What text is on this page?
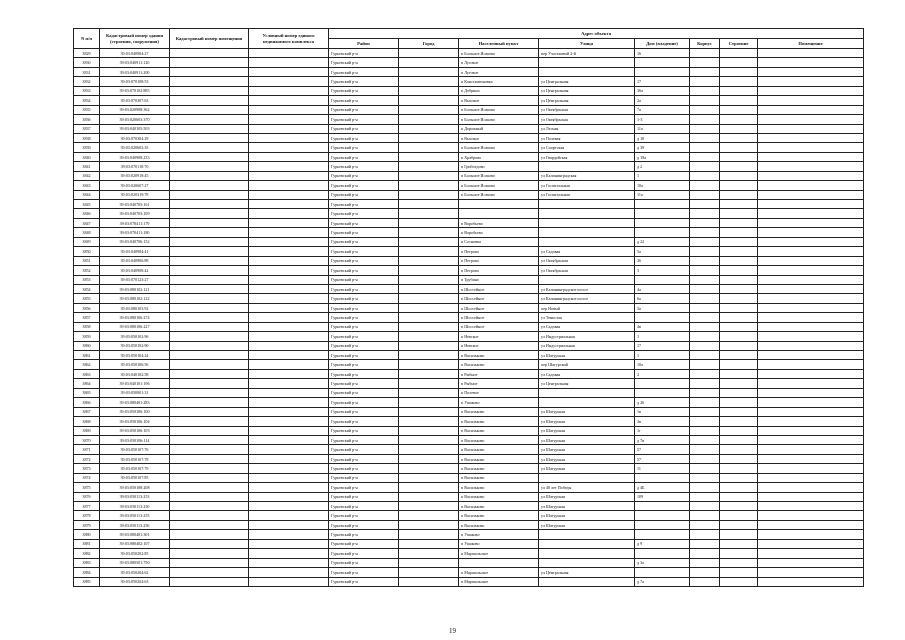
N п/п	Кадастровый номер здания (строения, сооружения)	Кадастровый номер помещения	Условный номер единого недвижимого комплекса	Адрес объекта							
				Район	Город	Населенный пункт	Улица	Дом (владение)	Корпус	Строение	Помещение
3829	39:03:040904:27			Гурьевский р-н		п Большое Исаково	пер Участковый 2-й	16			
3830	39:03:040911:120			Гурьевский р-н		п Луговое					
3831	39:03:040911:200			Гурьевский р-н		п Луговое					
3832	39:03:070108:53			Гурьевский р-н		п Константиновка	ул Центральная	17			
3833	39:03:070102:885			Гурьевский р-н		п Добрино	ул Центральная	36а			
3834	39:03:070307:63			Гурьевский р-н		п Высокое	ул Центральная	2а			
3835	39:03:020908:362			Гурьевский р-н		п Большое Исаково	ул Октябрьская	7а			
3836	39:03:020603:370			Гурьевский р-н		п Большое Исаково	ул Октябрьская	1-3			
3837	39:03:040105:503			Гурьевский р-н		п Дорожный	ул Лесная	11а			
3838	39:03:070304:29			Гурьевский р-н		п Высокое	ул Полевая	д 18			
3839	39:03:020602:35			Гурьевский р-н		п Большое Исаково	ул Спортская	д 39			
3840	39:03:040908:233			Гурьевский р-н		п Храброво	ул Гвардейская	д 19а			
3841	39:03:070110:70			Гурьевский р-н		п Грибоедово		д 2			
3842	39:03:020918:45			Гурьевский р-н		п Большое Исаково	ул Калининградская	1			
3843	39:03:020607:27			Гурьевский р-н		п Большое Исаково	ул Госпитальная	10а			
3844	39:03:020319:78			Гурьевский р-н		п Большое Исаково	ул Госпитальная	11а			
3845	39:03:040705:161			Гурьевский р-н							
3846	39:03:040703:169			Гурьевский р-н							
3847	39:03:070411:179			Гурьевский р-н		п Воробьево					
3848	39:03:070411:180			Гурьевский р-н		п Воробьево					
3849	39:03:040706:152			Гурьевский р-н		п Сосновка		д 22			
3850	39:03:040904:41			Гурьевский р-н		п Петрово	ул Садовая	5а			
3851	39:03:040906:88			Гурьевский р-н		п Петрово	ул Октябрьская	36			
3852	39:03:040908:42			Гурьевский р-н		п Петрово	ул Октябрьская	3			
3853	39:03:070123:27			Гурьевский р-н		п Трубино					
3854	39:03:080102:121			Гурьевский р-н		п Шоссейное	ул Калининградское шоссе	4а			
3855	39:03:080102:122			Гурьевский р-н		п Шоссейное	ул Калининградское шоссе	6а			
3856	39:03:080103:92			Гурьевский р-н		п Шоссейное	пер Новый	3а			
3857	39:03:080106:274			Гурьевский р-н		п Шоссейное	ул Тенистая				
3858	39:03:080106:227			Гурьевский р-н		п Шоссейное	ул Садовая	4в			
3859	39:03:050102:96			Гурьевский р-н		п Невское	ул Индустриальная	1			
3860	39:03:050102:90			Гурьевский р-н		п Невское	ул Индустриальная	17			
3861	39:03:050104:24			Гурьевский р-н		п Васильково	ул Шатурская	1			
3862	39:03:050106:56			Гурьевский р-н		п Васильково	пер Шатурский	10а			
3863	39:03:040102:58			Гурьевский р-н		п Рыбное	ул Садовая	2			
3864	39:03:040101:196			Гурьевский р-н		п Рыбное	ул Центральная				
3865	39:03:050001:31			Гурьевский р-н		п Полевое					
3866	39:03:080401:283			Гурьевский р-н		п Ушаково		д 26			
3867	39:03:050106:100			Гурьевский р-н		п Васильково	ул Шатурская	1в			
3868	39:03:050106:104			Гурьевский р-н		п Васильково	ул Шатурская	3в			
3869	39:03:050106:103			Гурьевский р-н		п Васильково	ул Шатурская	1г			
3870	39:03:050106:114			Гурьевский р-н		п Васильково	ул Шатурская	д 7в			
3871	39:03:050107:76			Гурьевский р-н		п Васильково	ул Шатурская	57			
3872	39:03:050107:78			Гурьевский р-н		п Васильково	ул Шатурская	57			
3873	39:03:050107:79			Гурьевский р-н		п Васильково	ул Шатурская	11			
3874	39:03:050107:85			Гурьевский р-н		п Васильково					
3875	39:03:050108:208			Гурьевский р-н		п Васильково	ул 40 лет Победы	д 4Б			
3876	39:03:050113:253			Гурьевский р-н		п Васильково	ул Шатурская	109			
3877	39:03:050113:250			Гурьевский р-н		п Васильково	ул Шатурская				
3878	39:03:050113:255			Гурьевский р-н		п Васильково	ул Шатурская				
3879	39:03:050113:256			Гурьевский р-н		п Васильково	ул Шатурская				
3880	39:03:080401:301			Гурьевский р-н		п Ушаково					
3881	39:03:080402:107			Гурьевский р-н		п Ушаково		д 9			
3882	39:03:050202:85			Гурьевский р-н		п Маршальское					
3883	39:03:080501:750			Гурьевский р-н				д 3а			
3884	39:03:050204:62			Гурьевский р-н		п Маршальское	ул Центральная				
3885	39:03:050204:63			Гурьевский р-н		п Маршальское		д 7а			
19
